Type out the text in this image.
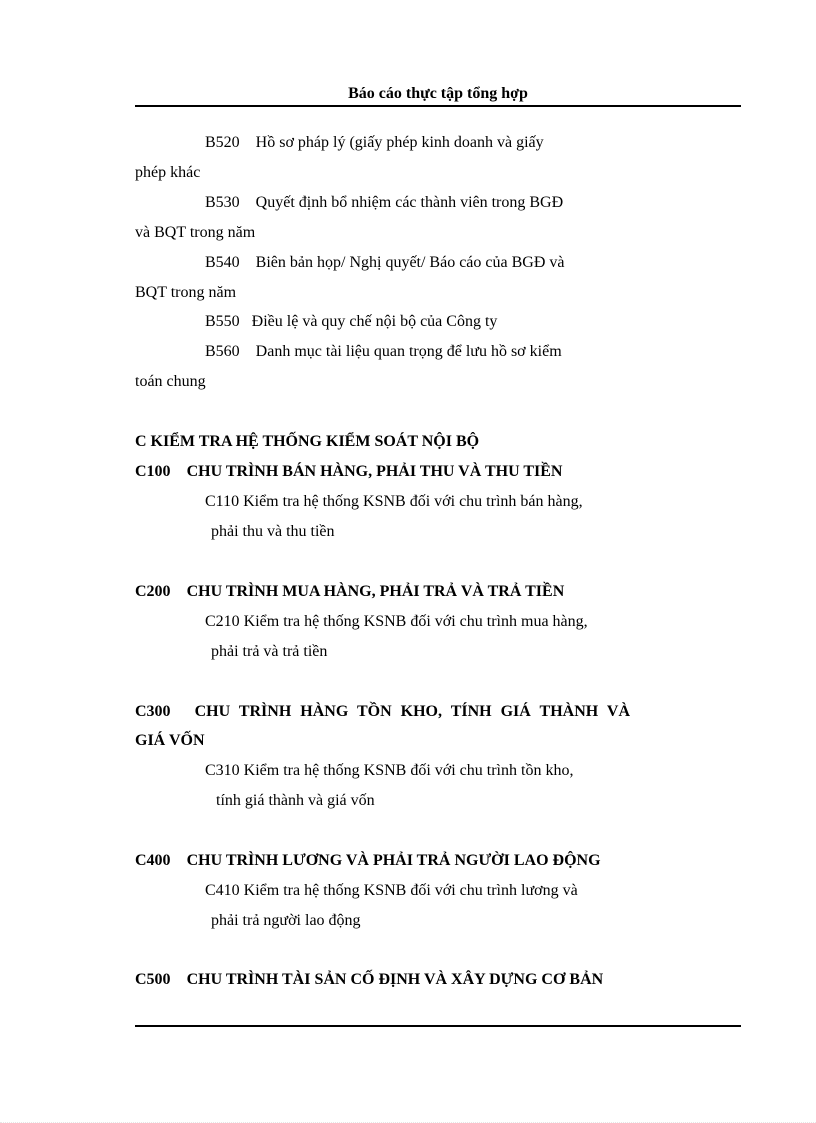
Báo cáo thực tập tổng hợp
B520 Hồ sơ pháp lý (giấy phép kinh doanh và giấy
phép khác
B530 Quyết định bổ nhiệm các thành viên trong BGĐ
và BQT trong năm
B540 Biên bản họp/ Nghị quyết/ Báo cáo của BGĐ và
BQT trong năm
B550 Điều lệ và quy chế nội bộ của Công ty
B560 Danh mục tài liệu quan trọng để lưu hồ sơ kiểm
toán chung
C KIỂM TRA HỆ THỐNG KIỂM SOÁT NỘI BỘ
C100 CHU TRÌNH BÁN HÀNG, PHẢI THU VÀ THU TIỀN
C110 Kiểm tra hệ thống KSNB đối với chu trình bán hàng,
phải thu và thu tiền
C200 CHU TRÌNH MUA HÀNG, PHẢI TRẢ VÀ TRẢ TIỀN
C210 Kiểm tra hệ thống KSNB đối với chu trình mua hàng,
phải trả và trả tiền
C300 CHU TRÌNH HÀNG TỒN KHO, TÍNH GIÁ THÀNH VÀ
GIÁ VỐN
C310 Kiểm tra hệ thống KSNB đối với chu trình tồn kho,
tính giá thành và giá vốn
C400 CHU TRÌNH LƯƠNG VÀ PHẢI TRẢ NGƯỜI LAO ĐỘNG
C410 Kiểm tra hệ thống KSNB đối với chu trình lương và
phải trả người lao động
C500 CHU TRÌNH TÀI SẢN CỐ ĐỊNH VÀ XÂY DỰNG CƠ BẢN
